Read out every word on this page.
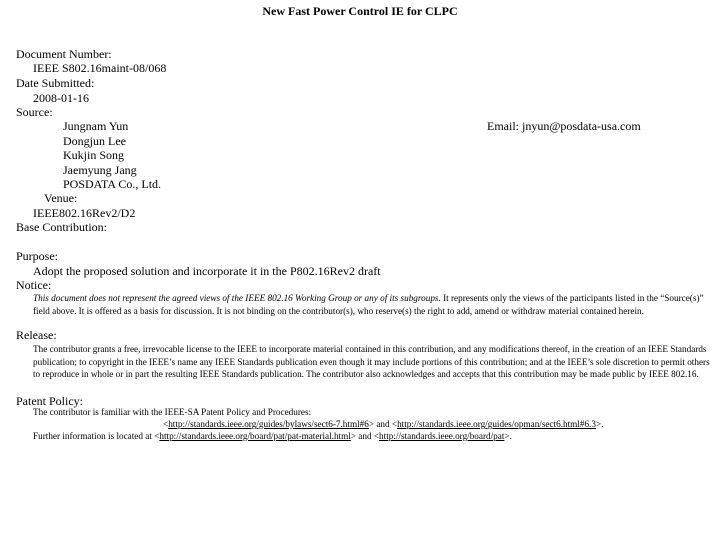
New Fast Power Control IE for CLPC
Document Number:
IEEE S802.16maint-08/068
Date Submitted:
2008-01-16
Source:
Jungnam Yun	Email: jnyun@posdata-usa.com
Dongjun Lee
Kukjin Song
Jaemyung Jang
POSDATA Co., Ltd.
Venue:
IEEE802.16Rev2/D2
Base Contribution:
Purpose:
Adopt the proposed solution and incorporate it in the P802.16Rev2 draft
Notice:
This document does not represent the agreed views of the IEEE 802.16 Working Group or any of its subgroups. It represents only the views of the participants listed in the “Source(s)” field above. It is offered as a basis for discussion. It is not binding on the contributor(s), who reserve(s) the right to add, amend or withdraw material contained herein.
Release:
The contributor grants a free, irrevocable license to the IEEE to incorporate material contained in this contribution, and any modifications thereof, in the creation of an IEEE Standards publication; to copyright in the IEEE’s name any IEEE Standards publication even though it may include portions of this contribution; and at the IEEE’s sole discretion to permit others to reproduce in whole or in part the resulting IEEE Standards publication. The contributor also acknowledges and accepts that this contribution may be made public by IEEE 802.16.
Patent Policy:
The contributor is familiar with the IEEE-SA Patent Policy and Procedures:
<http://standards.ieee.org/guides/bylaws/sect6-7.html#6> and <http://standards.ieee.org/guides/opman/sect6.html#6.3>.
Further information is located at <http://standards.ieee.org/board/pat/pat-material.html> and <http://standards.ieee.org/board/pat>.
